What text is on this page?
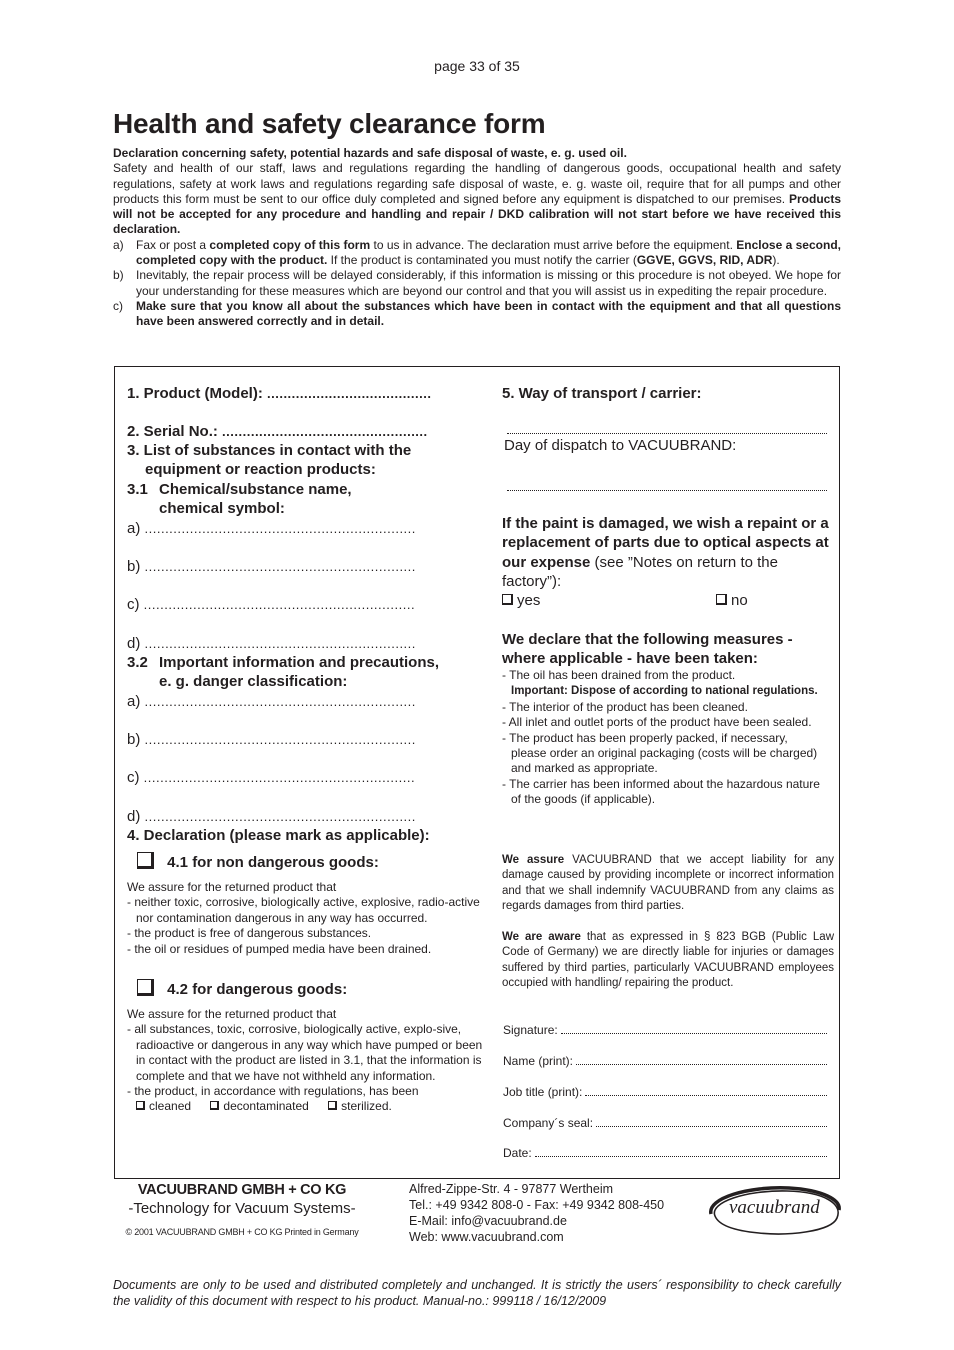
page 33 of 35
Health and safety clearance form

Declaration concerning safety, potential hazards and safe disposal of waste, e. g. used oil.

Safety and health of our staff, laws and regulations regarding the handling of dangerous goods, occupational health and safety regulations, safety at work laws and regulations regarding safe disposal of waste, e. g. waste oil, require that for all pumps and other products this form must be sent to our office duly completed and signed before any equipment is dispatched to our premises. Products will not be accepted for any procedure and handling and repair / DKD calibration will not start before we have received this declaration.

a)	Fax or post a completed copy of this form to us in advance. The declaration must arrive before the equipment. Enclose a second, completed copy with the product. If the product is contaminated you must notify the carrier (GGVE, GGVS, RID, ADR).
b)	Inevitably, the repair process will be delayed considerably, if this information is missing or this procedure is not obeyed. We hope for your understanding for these measures which are beyond our control and that you will assist us in expediting the repair procedure.
c)	Make sure that you know all about the substances which have been in contact with the equipment and that all questions have been answered correctly and in detail.
1. Product (Model): ........................................
2. Serial No.: ..................................................
3. List of substances in contact with the
equipment or reaction products:
3.1 Chemical/substance name,
chemical symbol:
a) ..................................................................
b) ..................................................................
c) ..................................................................
d) ..................................................................
3.2 Important information and precautions,
e. g. danger classification:
a) ..................................................................
b) ..................................................................
c) ..................................................................
d) ..................................................................
4. Declaration (please mark as applicable):
4.1 for non dangerous goods:
We assure for the returned product that
- neither toxic, corrosive, biologically active, explosive, radio-active nor contamination dangerous in any way has occurred.
- the product is free of dangerous substances.
- the oil or residues of pumped media have been drained.
4.2 for dangerous goods:
We assure for the returned product that
- all substances, toxic, corrosive, biologically active, explo-sive, radioactive or dangerous in any way which have pumped or been in contact with the product are listed in 3.1, that the information is complete and that we have not withheld any information.
- the product, in accordance with regulations, has been
cleaned	decontaminated	sterilized.
5. Way of transport / carrier:
Day of dispatch to VACUUBRAND:
If the paint is damaged, we wish a repaint or a replacement of parts due to optical aspects at our expense (see ”Notes on return to the factory”):
yes	no
We declare that the following measures - where applicable - have been taken:
- The oil has been drained from the product.
Important: Dispose of according to national regulations.
- The interior of the product has been cleaned.
- All inlet and outlet ports of the product have been sealed.
- The product has been properly packed, if necessary, please order an original packaging (costs will be charged) and marked as appropriate.
- The carrier has been informed about the hazardous nature of the goods (if applicable).
We assure VACUUBRAND that we accept liability for any damage caused by providing incomplete or incorrect information and that we shall indemnify VACUUBRAND from any claims as regards damages from third parties.
We are aware that as expressed in § 823 BGB (Public Law Code of Germany) we are directly liable for injuries or damages suffered by third parties, particularly VACUUBRAND employees occupied with handling/ repairing the product.
Signature:
Name (print):
Job title (print):
Company´s seal:
Date:
VACUUBRAND GMBH + CO KG
-Technology for Vacuum Systems-
© 2001 VACUUBRAND GMBH + CO KG Printed in Germany
Alfred-Zippe-Str. 4 - 97877 Wertheim
Tel.: +49 9342 808-0 - Fax: +49 9342 808-450
E-Mail: info@vacuubrand.de
Web: www.vacuubrand.com
vacuubrand
Documents are only to be used and distributed completely and unchanged. It is strictly the users´ responsibility to check carefully the validity of this document with respect to his product. Manual-no.: 999118 / 16/12/2009
